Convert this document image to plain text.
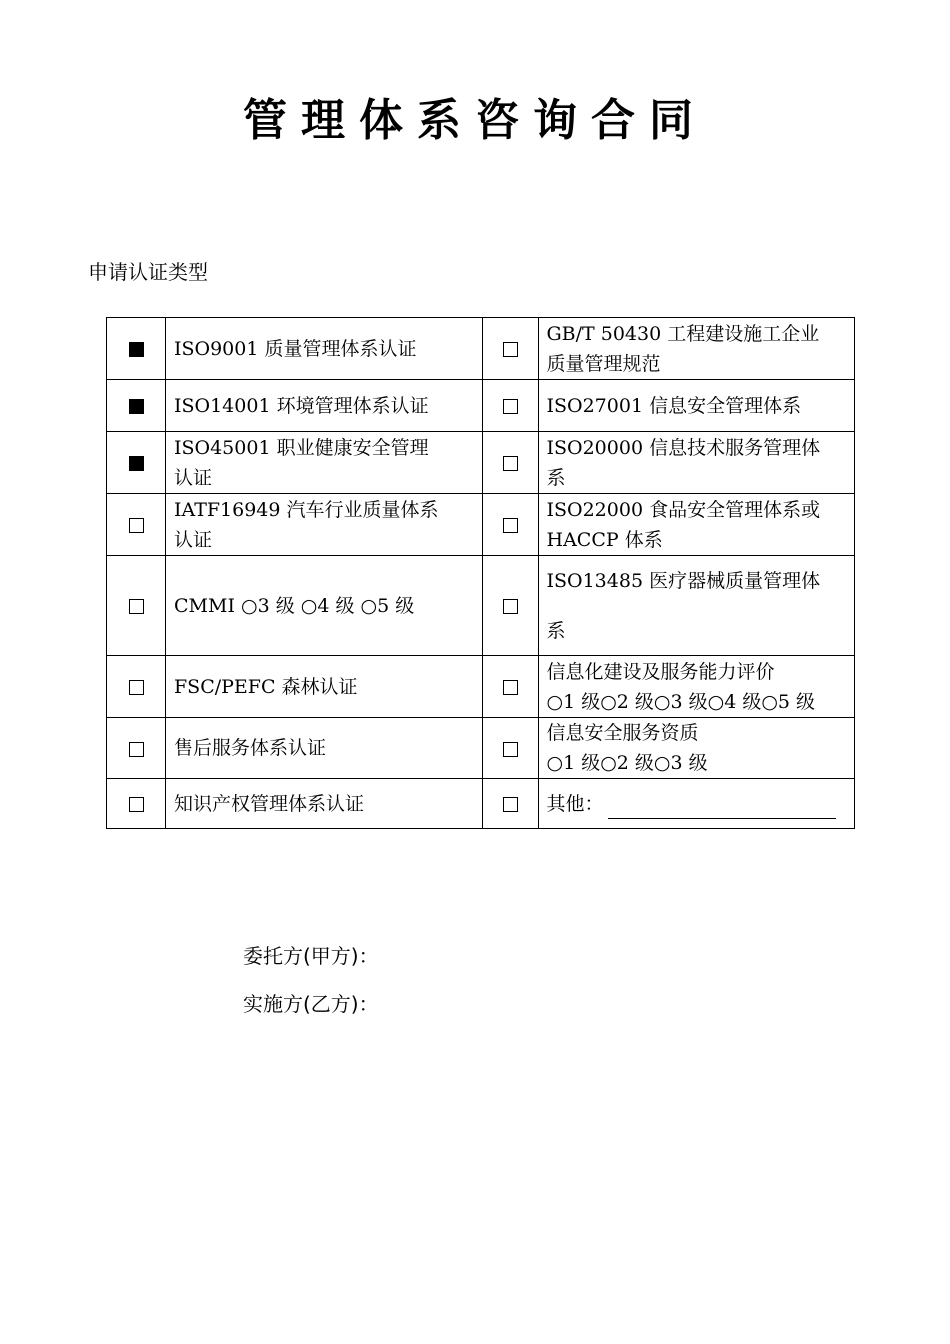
管理体系咨询合同
申请认证类型

	ISO9001 质量管理体系认证		GB/T 50430 工程建设施工企业
质量管理规范

	ISO14001 环境管理体系认证		ISO27001 信息安全管理体系

	ISO45001 职业健康安全管理
认证		ISO20000 信息技术服务管理体
系

	IATF16949 汽车行业质量体系
认证		ISO22000 食品安全管理体系或
HACCP 体系

	CMMI ○3 级 ○4 级 ○5 级		ISO13485 医疗器械质量管理体
系

	FSC/PEFC 森林认证		信息化建设及服务能力评价
○1 级○2 级○3 级○4 级○5 级

	售后服务体系认证		信息安全服务资质
○1 级○2 级○3 级

	知识产权管理体系认证		其他：
委托方(甲方)：
实施方(乙方)：
